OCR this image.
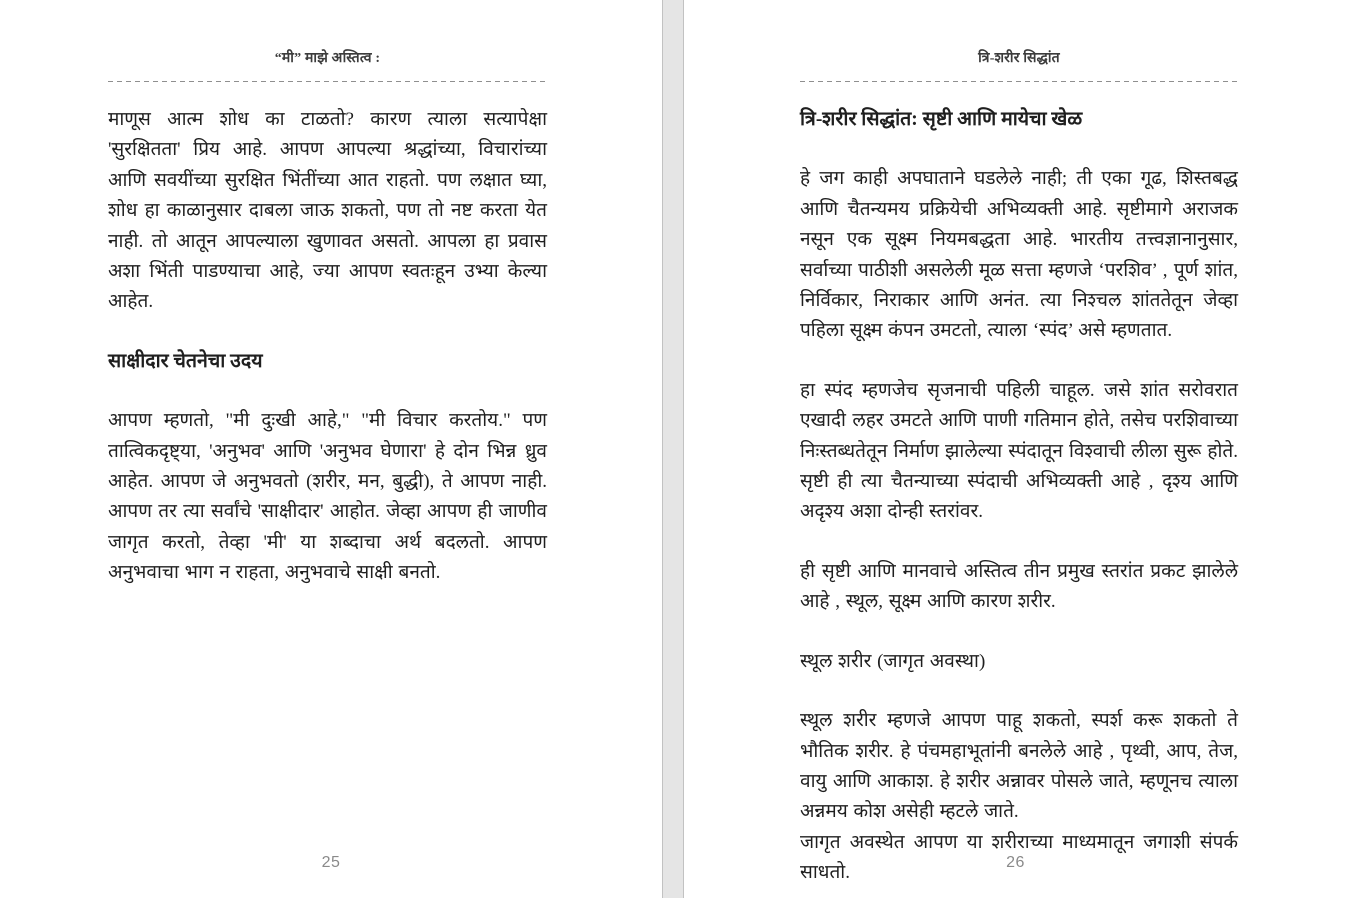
“मी” माझे अस्तित्व :

माणूस आत्म शोध का टाळतो? कारण त्याला सत्यापेक्षा 'सुरक्षितता' प्रिय आहे. आपण आपल्या श्रद्धांच्या, विचारांच्या आणि सवयींच्या सुरक्षित भिंतींच्या आत राहतो. पण लक्षात घ्या, शोध हा काळानुसार दाबला जाऊ शकतो, पण तो नष्ट करता येत नाही. तो आतून आपल्याला खुणावत असतो. आपला हा प्रवास अशा भिंती पाडण्याचा आहे, ज्या आपण स्वतःहून उभ्या केल्या आहेत.

साक्षीदार चेतनेचा उदय

आपण म्हणतो, "मी दुःखी आहे," "मी विचार करतोय." पण तात्विकदृष्ट्या, 'अनुभव' आणि 'अनुभव घेणारा' हे दोन भिन्न ध्रुव आहेत. आपण जे अनुभवतो (शरीर, मन, बुद्धी), ते आपण नाही. आपण तर त्या सर्वांचे 'साक्षीदार' आहोत. जेव्हा आपण ही जाणीव जागृत करतो, तेव्हा 'मी' या शब्दाचा अर्थ बदलतो. आपण अनुभवाचा भाग न राहता, अनुभवाचे साक्षी बनतो.

25
त्रि-शरीर सिद्धांत
त्रि-शरीर सिद्धांत: सृष्टी आणि मायेचा खेळ

हे जग काही अपघाताने घडलेले नाही; ती एका गूढ, शिस्तबद्ध आणि चैतन्यमय प्रक्रियेची अभिव्यक्ती आहे. सृष्टीमागे अराजक नसून एक सूक्ष्म नियमबद्धता आहे. भारतीय तत्त्वज्ञानानुसार, सर्वाच्या पाठीशी असलेली मूळ सत्ता म्हणजे ‘परशिव’ , पूर्ण शांत, निर्विकार, निराकार आणि अनंत. त्या निश्चल शांततेतून जेव्हा पहिला सूक्ष्म कंपन उमटतो, त्याला ‘स्पंद’ असे म्हणतात.

हा स्पंद म्हणजेच सृजनाची पहिली चाहूल. जसे शांत सरोवरात एखादी लहर उमटते आणि पाणी गतिमान होते, तसेच परशिवाच्या निःस्तब्धतेतून निर्माण झालेल्या स्पंदातून विश्वाची लीला सुरू होते. सृष्टी ही त्या चैतन्याच्या स्पंदाची अभिव्यक्ती आहे , दृश्य आणि अदृश्य अशा दोन्ही स्तरांवर.

ही सृष्टी आणि मानवाचे अस्तित्व तीन प्रमुख स्तरांत प्रकट झालेले आहे , स्थूल, सूक्ष्म आणि कारण शरीर.

स्थूल शरीर (जागृत अवस्था)

स्थूल शरीर म्हणजे आपण पाहू शकतो, स्पर्श करू शकतो ते भौतिक शरीर. हे पंचमहाभूतांनी बनलेले आहे , पृथ्वी, आप, तेज, वायु आणि आकाश. हे शरीर अन्नावर पोसले जाते, म्हणूनच त्याला अन्नमय कोश असेही म्हटले जाते.

जागृत अवस्थेत आपण या शरीराच्या माध्यमातून जगाशी संपर्क साधतो.	26
